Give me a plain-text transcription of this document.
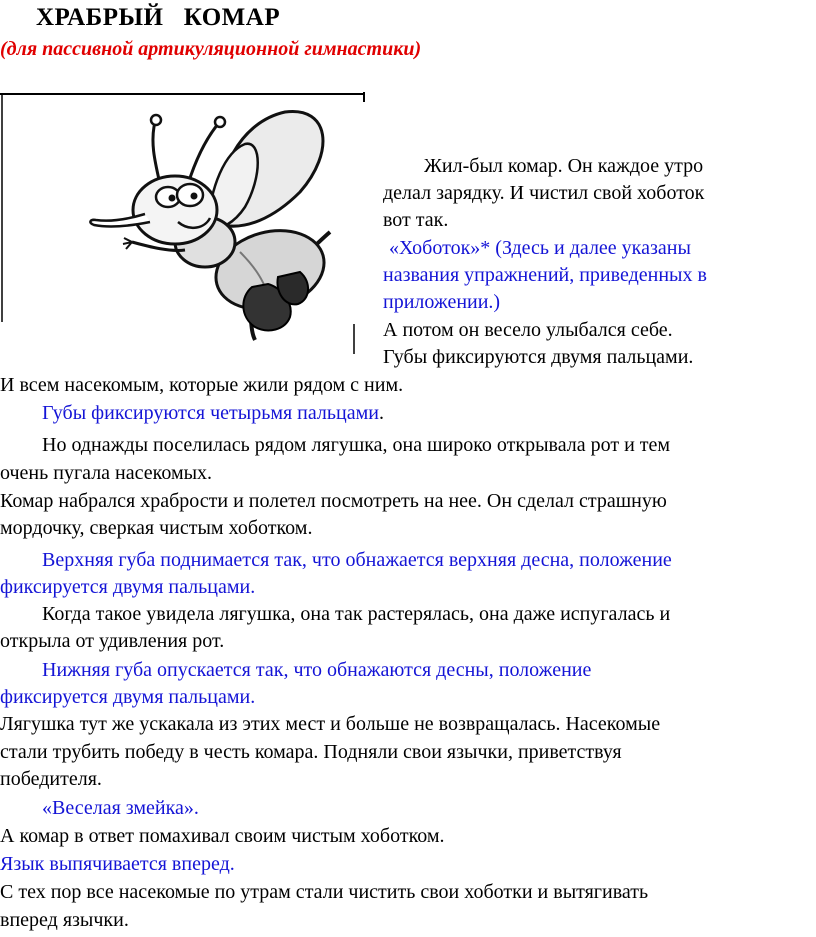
ХРАБРЫЙ   КОМАР
(для пассивной артикуляционной гимнастики)
Жил-был комар. Он каждое утро
делал зарядку. И чистил свой хоботок
вот так.
«Хоботок»* (Здесь и далее указаны
названия упражнений, приведенных в
приложении.)
А потом он весело улыбался себе.
Губы фиксируются двумя пальцами.
И всем насекомым, которые жили рядом с ним.
Губы фиксируются четырьмя пальцами.
Но однажды поселилась рядом лягушка, она широко открывала рот и тем
очень пугала насекомых.
Комар набрался храбрости и полетел посмотреть на нее. Он сделал страшную
мордочку, сверкая чистым хоботком.
Верхняя губа поднимается так, что обнажается верхняя десна, положение
фиксируется двумя пальцами.
Когда такое увидела лягушка, она так растерялась, она даже испугалась и
открыла от удивления рот.
Нижняя губа опускается так, что обнажаются десны, положение
фиксируется двумя пальцами.
Лягушка тут же ускакала из этих мест и больше не возвращалась. Насекомые
стали трубить победу в честь комара. Подняли свои язычки, приветствуя
победителя.
«Веселая змейка».
А комар в ответ помахивал своим чистым хоботком.
Язык выпячивается вперед.
С тех пор все насекомые по утрам стали чистить свои хоботки и вытягивать
вперед язычки.
